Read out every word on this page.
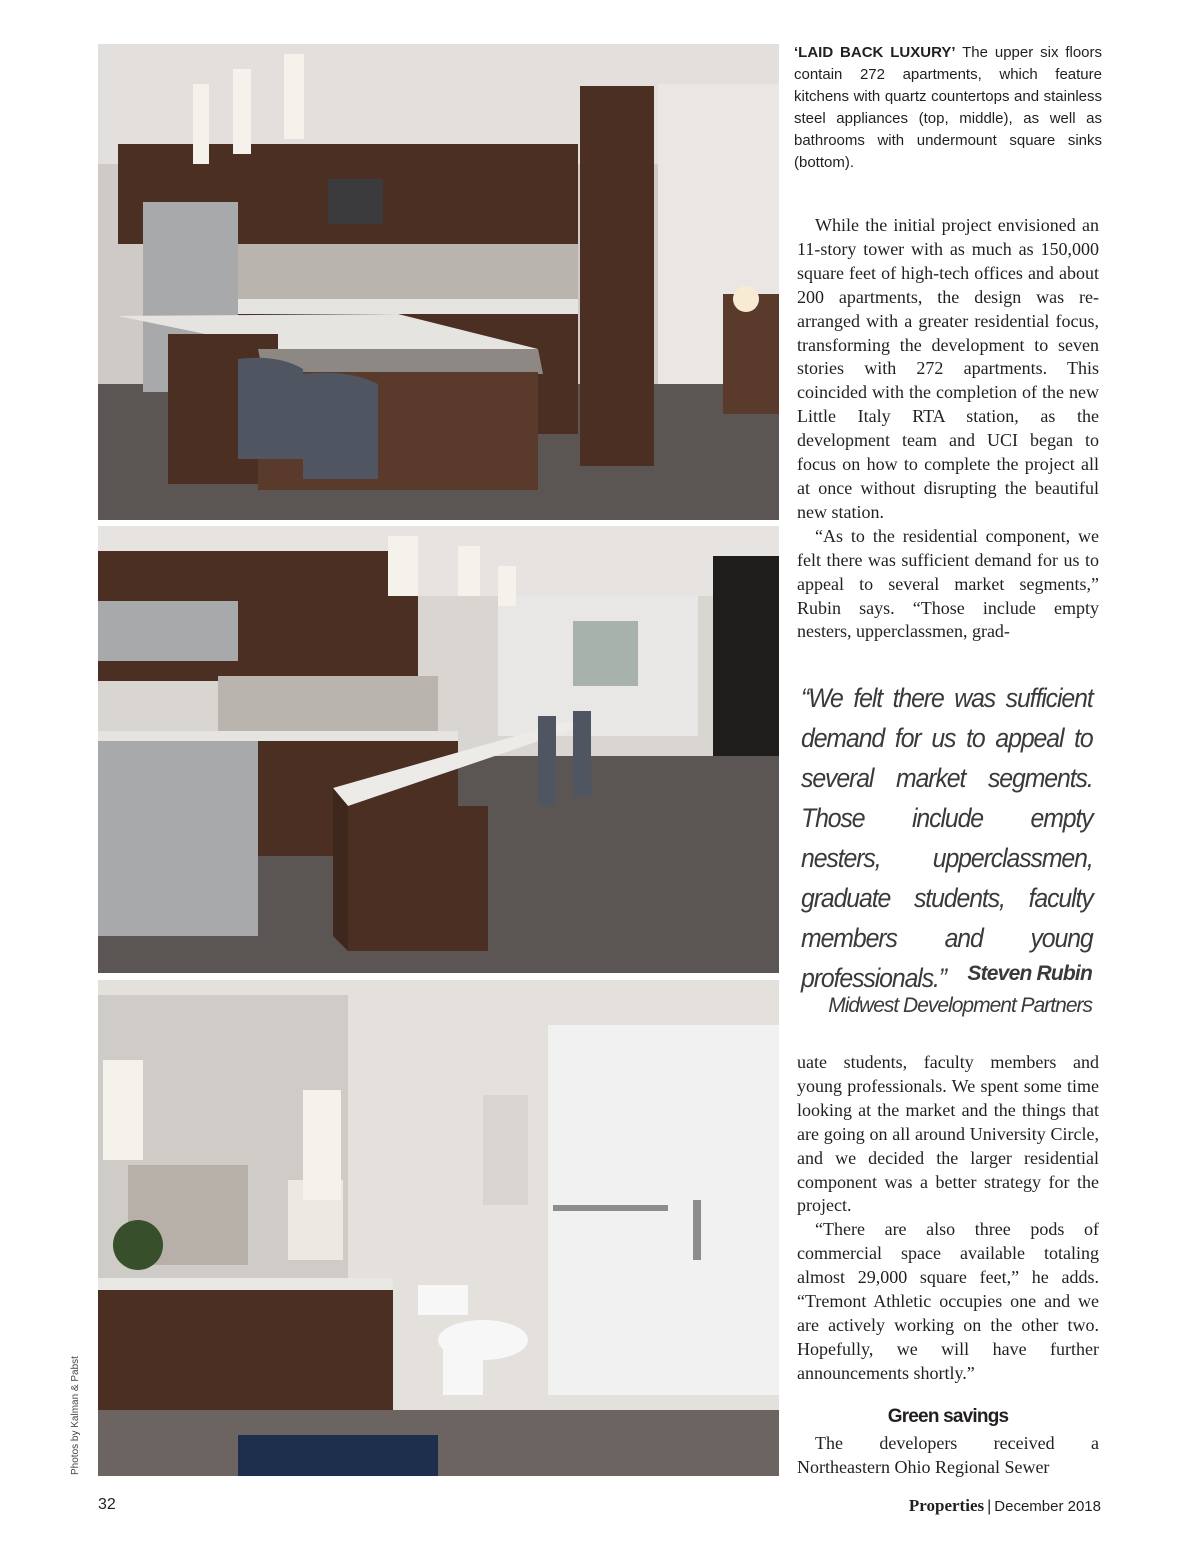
Photos by Kalman & Pabst
‘LAID BACK LUXURY’ The upper six floors contain 272 apartments, which feature kitchens with quartz countertops and stainless steel appliances (top, middle), as well as bathrooms with undermount square sinks (bottom).

While the initial project envisioned an 11-story tower with as much as 150,000 square feet of high-tech offices and about 200 apartments, the design was re-arranged with a greater residential focus, transforming the development to seven stories with 272 apartments. This coincided with the completion of the new Little Italy RTA station, as the development team and UCI began to focus on how to complete the project all at once without disrupting the beautiful new station.

“As to the residential component, we felt there was sufficient demand for us to appeal to several market segments,” Rubin says. “Those include empty nesters, upperclassmen, grad-

“We felt there was sufficient demand for us to appeal to several market segments. Those include empty nesters, upperclassmen, graduate students, faculty members and young professionals.”	Steven Rubin
Midwest Development Partners

uate students, faculty members and young professionals. We spent some time looking at the market and the things that are going on all around University Circle, and we decided the larger residential component was a better strategy for the project.

“There are also three pods of commercial space available totaling almost 29,000 square feet,” he adds. “Tremont Athletic occupies one and we are actively working on the other two. Hopefully, we will have further announcements shortly.”

Green savings

The developers received a Northeastern Ohio Regional Sewer

32	Properties | December 2018
